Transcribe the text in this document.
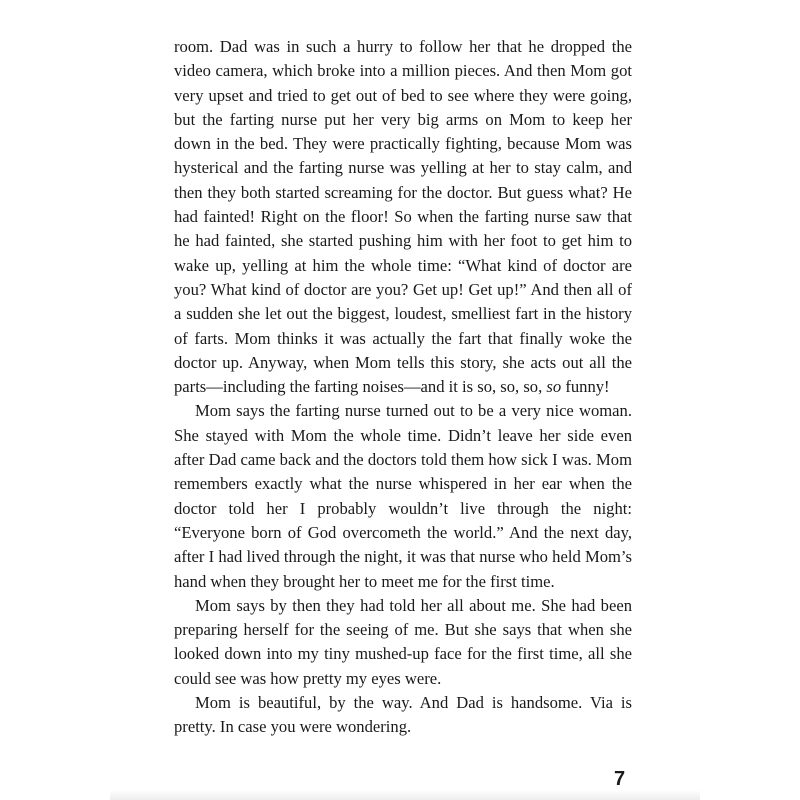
room. Dad was in such a hurry to follow her that he dropped the video camera, which broke into a million pieces. And then Mom got very upset and tried to get out of bed to see where they were going, but the farting nurse put her very big arms on Mom to keep her down in the bed. They were practically fighting, because Mom was hysterical and the farting nurse was yelling at her to stay calm, and then they both started screaming for the doctor. But guess what? He had fainted! Right on the floor! So when the farting nurse saw that he had fainted, she started pushing him with her foot to get him to wake up, yelling at him the whole time: “What kind of doctor are you? What kind of doctor are you? Get up! Get up!” And then all of a sudden she let out the biggest, loudest, smelliest fart in the history of farts. Mom thinks it was actually the fart that finally woke the doctor up. Anyway, when Mom tells this story, she acts out all the parts—including the farting noises—and it is so, so, so, so funny!

Mom says the farting nurse turned out to be a very nice woman. She stayed with Mom the whole time. Didn’t leave her side even after Dad came back and the doctors told them how sick I was. Mom remembers exactly what the nurse whispered in her ear when the doctor told her I probably wouldn’t live through the night: “Everyone born of God overcometh the world.” And the next day, after I had lived through the night, it was that nurse who held Mom’s hand when they brought her to meet me for the first time.

Mom says by then they had told her all about me. She had been preparing herself for the seeing of me. But she says that when she looked down into my tiny mushed-up face for the first time, all she could see was how pretty my eyes were.

Mom is beautiful, by the way. And Dad is handsome. Via is pretty. In case you were wondering.

7
